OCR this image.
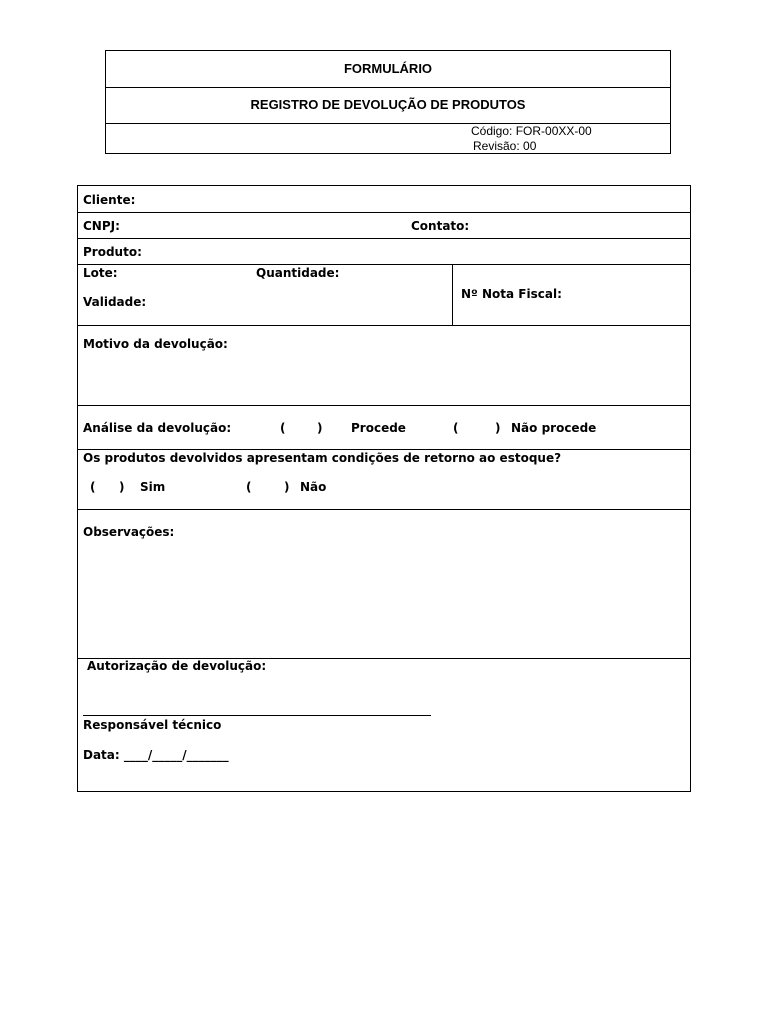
FORMULÁRIO
REGISTRO DE DEVOLUÇÃO DE PRODUTOS
Código: FOR-00XX-00
Revisão: 00
Cliente:
CNPJ:	Contato:
Produto:
Lote:	Quantidade:
Validade:
Nº Nota Fiscal:
Motivo da devolução:
Análise da devolução:	(	) Procede	(	) Não procede
Os produtos devolvidos apresentam condições de retorno ao estoque?
( ) Sim	(	) Não
Observações:
Autorização de devolução:
Responsável técnico
Data: ____/_____/_______
